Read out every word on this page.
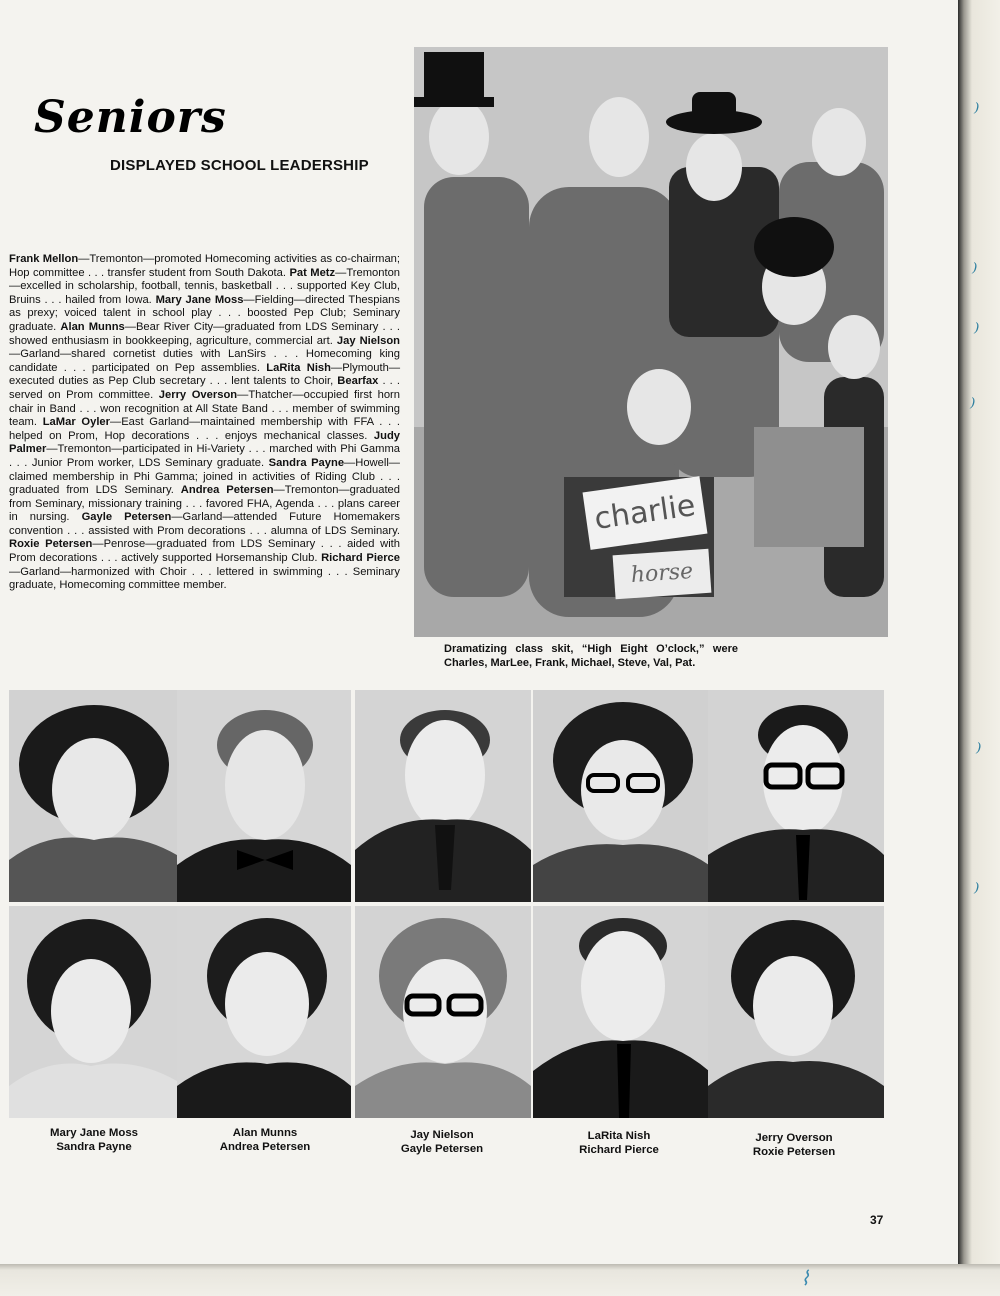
Seniors
DISPLAYED SCHOOL LEADERSHIP
Frank Mellon—Tremonton—promoted Homecoming activities as co-chairman; Hop committee . . . transfer student from South Dakota. Pat Metz—Tremonton—excelled in scholarship, football, tennis, basketball . . . supported Key Club, Bruins . . . hailed from Iowa. Mary Jane Moss—Fielding—directed Thespians as prexy; voiced talent in school play . . . boosted Pep Club; Seminary graduate. Alan Munns—Bear River City—graduated from LDS Seminary . . . showed enthusiasm in bookkeeping, agriculture, commercial art. Jay Nielson—Garland—shared cornetist duties with LanSirs . . . Homecoming king candidate . . . participated on Pep assemblies. LaRita Nish—Plymouth—executed duties as Pep Club secretary . . . lent talents to Choir, Bearfax . . . served on Prom committee. Jerry Overson—Thatcher—occupied first horn chair in Band . . . won recognition at All State Band . . . member of swimming team. LaMar Oyler—East Garland—maintained membership with FFA . . . helped on Prom, Hop decorations . . . enjoys mechanical classes. Judy Palmer—Tremonton—participated in Hi-Variety . . . marched with Phi Gamma . . . Junior Prom worker, LDS Seminary graduate. Sandra Payne—Howell—claimed membership in Phi Gamma; joined in activities of Riding Club . . . graduated from LDS Seminary. Andrea Petersen—Tremonton—graduated from Seminary, missionary training . . . favored FHA, Agenda . . . plans career in nursing. Gayle Petersen—Garland—attended Future Homemakers convention . . . assisted with Prom decorations . . . alumna of LDS Seminary. Roxie Petersen—Penrose—graduated from LDS Seminary . . . aided with Prom decorations . . . actively supported Horsemanship Club. Richard Pierce—Garland—harmonized with Choir . . . lettered in swimming . . . Seminary graduate, Homecoming committee member.
charlie
horse
Dramatizing class skit, “High Eight O’clock,” were Charles, MarLee, Frank, Michael, Steve, Val, Pat.
Mary Jane Moss
Sandra Payne
Alan Munns
Andrea Petersen
Jay Nielson
Gayle Petersen
LaRita Nish
Richard Pierce
Jerry Overson
Roxie Petersen
37
⁾
⁾
⁾
⁾
⁾
⁾
⌇
